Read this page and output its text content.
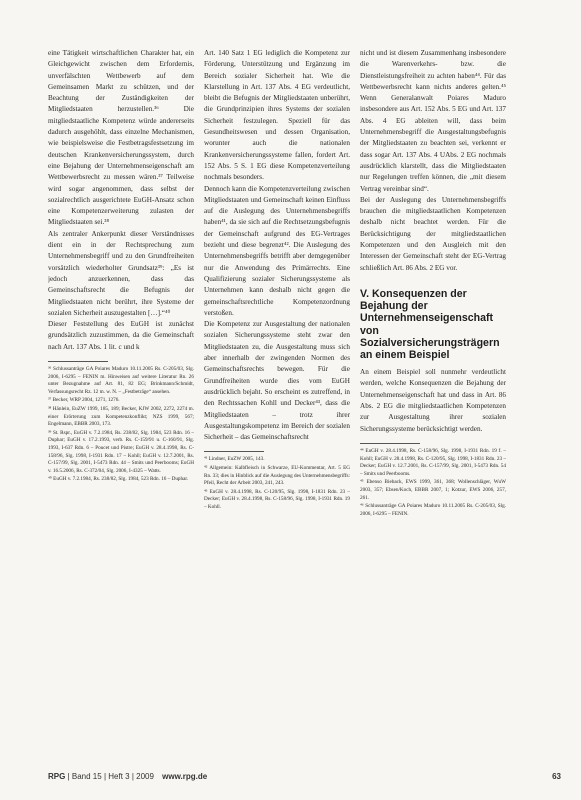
eine Tätigkeit wirtschaftlichen Charakter hat, ein Gleichgewicht zwischen dem Erfordernis, unverfälschten Wettbewerb auf dem Gemeinsamen Markt zu schützen, und der Beachtung der Zuständigkeiten der Mitgliedstaaten herzustellen.³⁶ Die mitgliedstaatliche Kompetenz würde andererseits dadurch ausgehöhlt, dass einzelne Mechanismen, wie beispielsweise die Festbetragsfestsetzung im deutschen Krankenversicherungssystem, durch eine Bejahung der Unternehmenseigenschaft am Wettbewerbsrecht zu messen wären.³⁷ Teilweise wird sogar angenommen, dass selbst der sozialrechtlich ausgerichtete EuGH-Ansatz schon eine Kompetenzerweiterung zulasten der Mitgliedstaaten sei.³⁸

Als zentraler Ankerpunkt dieser Verständnisses dient ein in der Rechtsprechung zum Unternehmensbegriff und zu den Grundfreiheiten vorsätzlich wiederholter Grundsatz³⁹: „Es ist jedoch anzuerkennen, dass das Gemeinschaftsrecht die Befugnis der Mitgliedstaaten nicht berührt, ihre Systeme der sozialen Sicherheit auszugestalten […].“⁴⁰

Dieser Feststellung des EuGH ist zunächst grundsätzlich zuzustimmen, da die Gemeinschaft nach Art. 137 Abs. 1 lit. c und k

³⁶ Schlussanträge GA Poiares Maduro 10.11.2005 Rs. C-205/03, Slg. 2006, I-6295 – FENIN m. Hinweisen auf weitere Literatur Rn. 26 unter Bezugnahme auf Art. 81, 82 EG; Brinkmann/Schmidt, Verfassungsrecht Rz. 12 m. w. N. – „Festbeträge“ ansehen.

³⁷ Becker, WRP 2004, 1271, 1276.

³⁸ Hänlein, EuZW 1999, 185, 189; Becker, KJW 2002, 2272, 2274 m. einer Erörterung zum Kompetenzkonflikt; NZS 1999, 567; Engelmann, EBBR 2003, 173.

³⁹ St. Rspr., EuGH v. 7.2.1984, Rs. 238/82, Slg. 1984, 523 Rdn. 16 – Duphar; EuGH v. 17.2.1993, verb. Rs. C-159/91 u. C-160/91, Slg. 1993, I-637 Rdn. 6 – Poucet und Pistre; EuGH v. 28.4.1998, Rs. C-158/96, Slg. 1998, I-1931 Rdn. 17 – Kohll; EuGH v. 12.7.2001, Rs. C-157/99, Slg. 2001, I-5473 Rdn. 44 – Smits und Peerbooms; EuGH v. 16.5.2006, Rs. C-372/04, Slg. 2006, I-4325 – Watts.

⁴⁰ EuGH v. 7.2.1984, Rs. 238/82, Slg. 1984, 523 Rdn. 16 – Duphar.

Art. 140 Satz 1 EG lediglich die Kompetenz zur Förderung, Unterstützung und Ergänzung im Bereich sozialer Sicherheit hat. Wie die Klarstellung in Art. 137 Abs. 4 EG verdeutlicht, bleibt die Befugnis der Mitgliedstaaten unberührt, die Grundprinzipien ihres Systems der sozialen Sicherheit festzulegen. Speziell für das Gesundheitswesen und dessen Organisation, worunter auch die nationalen Krankenversicherungssysteme fallen, fordert Art. 152 Abs. 5 S. 1 EG diese Kompetenzverteilung nochmals besonders.

Dennoch kann die Kompetenzverteilung zwischen Mitgliedstaaten und Gemeinschaft keinen Einfluss auf die Auslegung des Unternehmensbegriffs haben⁴¹, da sie sich auf die Rechtsetzungsbefugnis der Gemeinschaft aufgrund des EG-Vertrages bezieht und diese begrenzt⁴². Die Auslegung des Unternehmensbegriffs betrifft aber demgegenüber nur die Anwendung des Primärrechts. Eine Qualifizierung sozialer Sicherungssysteme als Unternehmen kann deshalb nicht gegen die gemeinschaftsrechtliche Kompetenzordnung verstoßen.

Die Kompetenz zur Ausgestaltung der nationalen sozialen Sicherungssysteme steht zwar den Mitgliedstaaten zu, die Ausgestaltung muss sich aber innerhalb der zwingenden Normen des Gemeinschaftsrechts bewegen. Für die Grundfreiheiten wurde dies vom EuGH ausdrücklich bejaht. So erscheint es zutreffend, in den Rechtssachen Kohll und Decker⁴³, dass die Mitgliedstaaten – trotz ihrer Ausgestaltungskompetenz im Bereich der sozialen Sicherheit – das Gemeinschaftsrecht

⁴¹ Lindner, EuZW 2005, 143.

⁴² Allgemein: Kalbfleisch in Schwarze, EU-Kommentar, Art. 5 EG Rn. 33; dies in Hinblick auf die Auslegung des Unternehmensbegriffs: Pfeil, Recht der Arbeit 2003, 241, 243.

⁴³ EuGH v. 28.4.1998, Rs. C-120/95, Slg. 1998, I-1831 Rdn. 23 – Decker; EuGH v. 28.4.1998, Rs. C-158/96, Slg. 1998, I-1931 Rdn. 19 – Kohll.

nicht und ist diesem Zusammenhang insbesondere die Warenverkehrs- bzw. die Dienstleistungsfreiheit zu achten haben⁴⁴. Für das Wettbewerbsrecht kann nichts anderes gelten.⁴⁵ Wenn Generalanwalt Poiares Maduro insbesondere aus Art. 152 Abs. 5 EG und Art. 137 Abs. 4 EG ableiten will, dass beim Unternehmensbegriff die Ausgestaltungsbefugnis der Mitgliedstaaten zu beachten sei, verkennt er dass sogar Art. 137 Abs. 4 UAbs. 2 EG nochmals ausdrücklich klarstellt, dass die Mitgliedstaaten nur Regelungen treffen können, die „mit diesem Vertrag vereinbar sind“.

Bei der Auslegung des Unternehmensbegriffs brauchen die mitgliedstaatlichen Kompetenzen deshalb nicht beachtet werden. Für die Berücksichtigung der mitgliedstaatlichen Kompetenzen und den Ausgleich mit den Interessen der Gemeinschaft steht der EG-Vertrag schließlich Art. 86 Abs. 2 EG vor.

V. Konsequenzen der Bejahung der Unternehmenseigenschaft von Sozialversicherungsträgern an einem Beispiel

An einem Beispiel soll nunmehr verdeutlicht werden, welche Konsequenzen die Bejahung der Unternehmenseigenschaft hat und dass in Art. 86 Abs. 2 EG die mitgliedstaatlichen Kompetenzen zur Ausgestaltung ihrer sozialen Sicherungssysteme berücksichtigt werden.

⁴⁴ EuGH v. 28.4.1998, Rs. C-158/96, Slg. 1998, I-1931 Rdn. 19 f. – Kohll; EuGH v. 28.4.1998, Rs. C-120/95, Slg. 1998, I-1831 Rdn. 23 – Decker; EuGH v. 12.7.2001, Rs. C-157/99, Slg. 2001, I-5473 Rdn. 54 – Smits und Peerbooms.

⁴⁵ Ebenso Bieback, EWS 1999, 361, 368; Wollenschläger, WuW 2003, 357; Ebsen/Koch, EBBR 2007, 1; Kotzur, EWS 2006, 257, 261.

⁴⁶ Schlussanträge GA Poiares Maduro 10.11.2005 Rs. C-205/03, Slg. 2006, I-6295 – FENIN.

RPG | Band 15 | Heft 3 | 2009 www.rpg.de	63
